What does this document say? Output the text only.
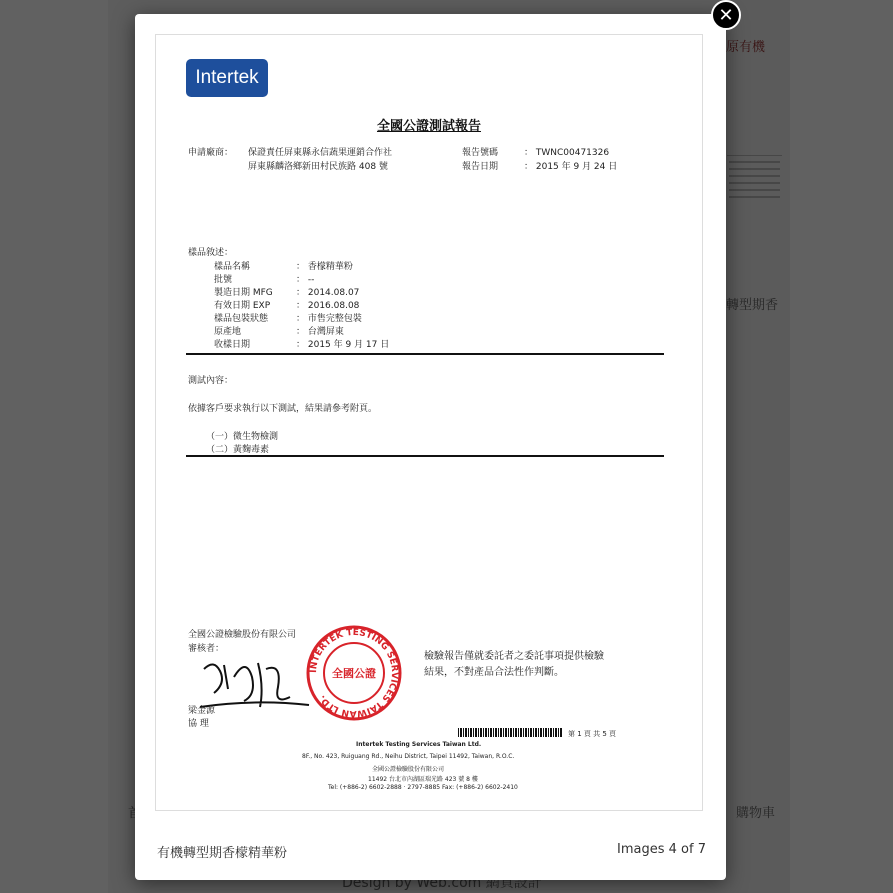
Intertek
全國公證測試報告
申請廠商： 保證責任屏東縣永信蔬果運銷合作社
屏東縣麟洛鄉新田村民族路 408 號
報告號碼	： TWNC00471326
報告日期	： 2015 年 9 月 24 日
樣品敘述：
樣品名稱	： 香檬精華粉
批號	： --
製造日期 MFG	： 2014.08.07
有效日期 EXP	： 2016.08.08
樣品包裝狀態	： 市售完整包裝
原產地	： 台灣屏東
收樣日期	： 2015 年 9 月 17 日
測試內容：
依據客戶要求執行以下測試，結果請參考附頁。
（一）微生物檢測
（二）黃麴毒素
全國公證檢驗股份有限公司
審核者：
INTERTEK TESTING SERVICES TAIWAN LTD.
全國公證
檢驗報告僅就委託者之委託事項提供檢驗
結果，不對產品合法性作判斷。
梁金源
協 理
第 1 頁 共 5 頁
Intertek Testing Services Taiwan Ltd.
8F., No. 423, Ruiguang Rd., Neihu District, Taipei 11492, Taiwan, R.O.C.
全國公證檢驗股份有限公司
11492 台北市內湖區瑞光路 423 號 8 樓
Tel: (+886-2) 6602-2888 · 2797-8885 Fax: (+886-2) 6602-2410
有機轉型期香檬精華粉	Images 4 of 7
✕
